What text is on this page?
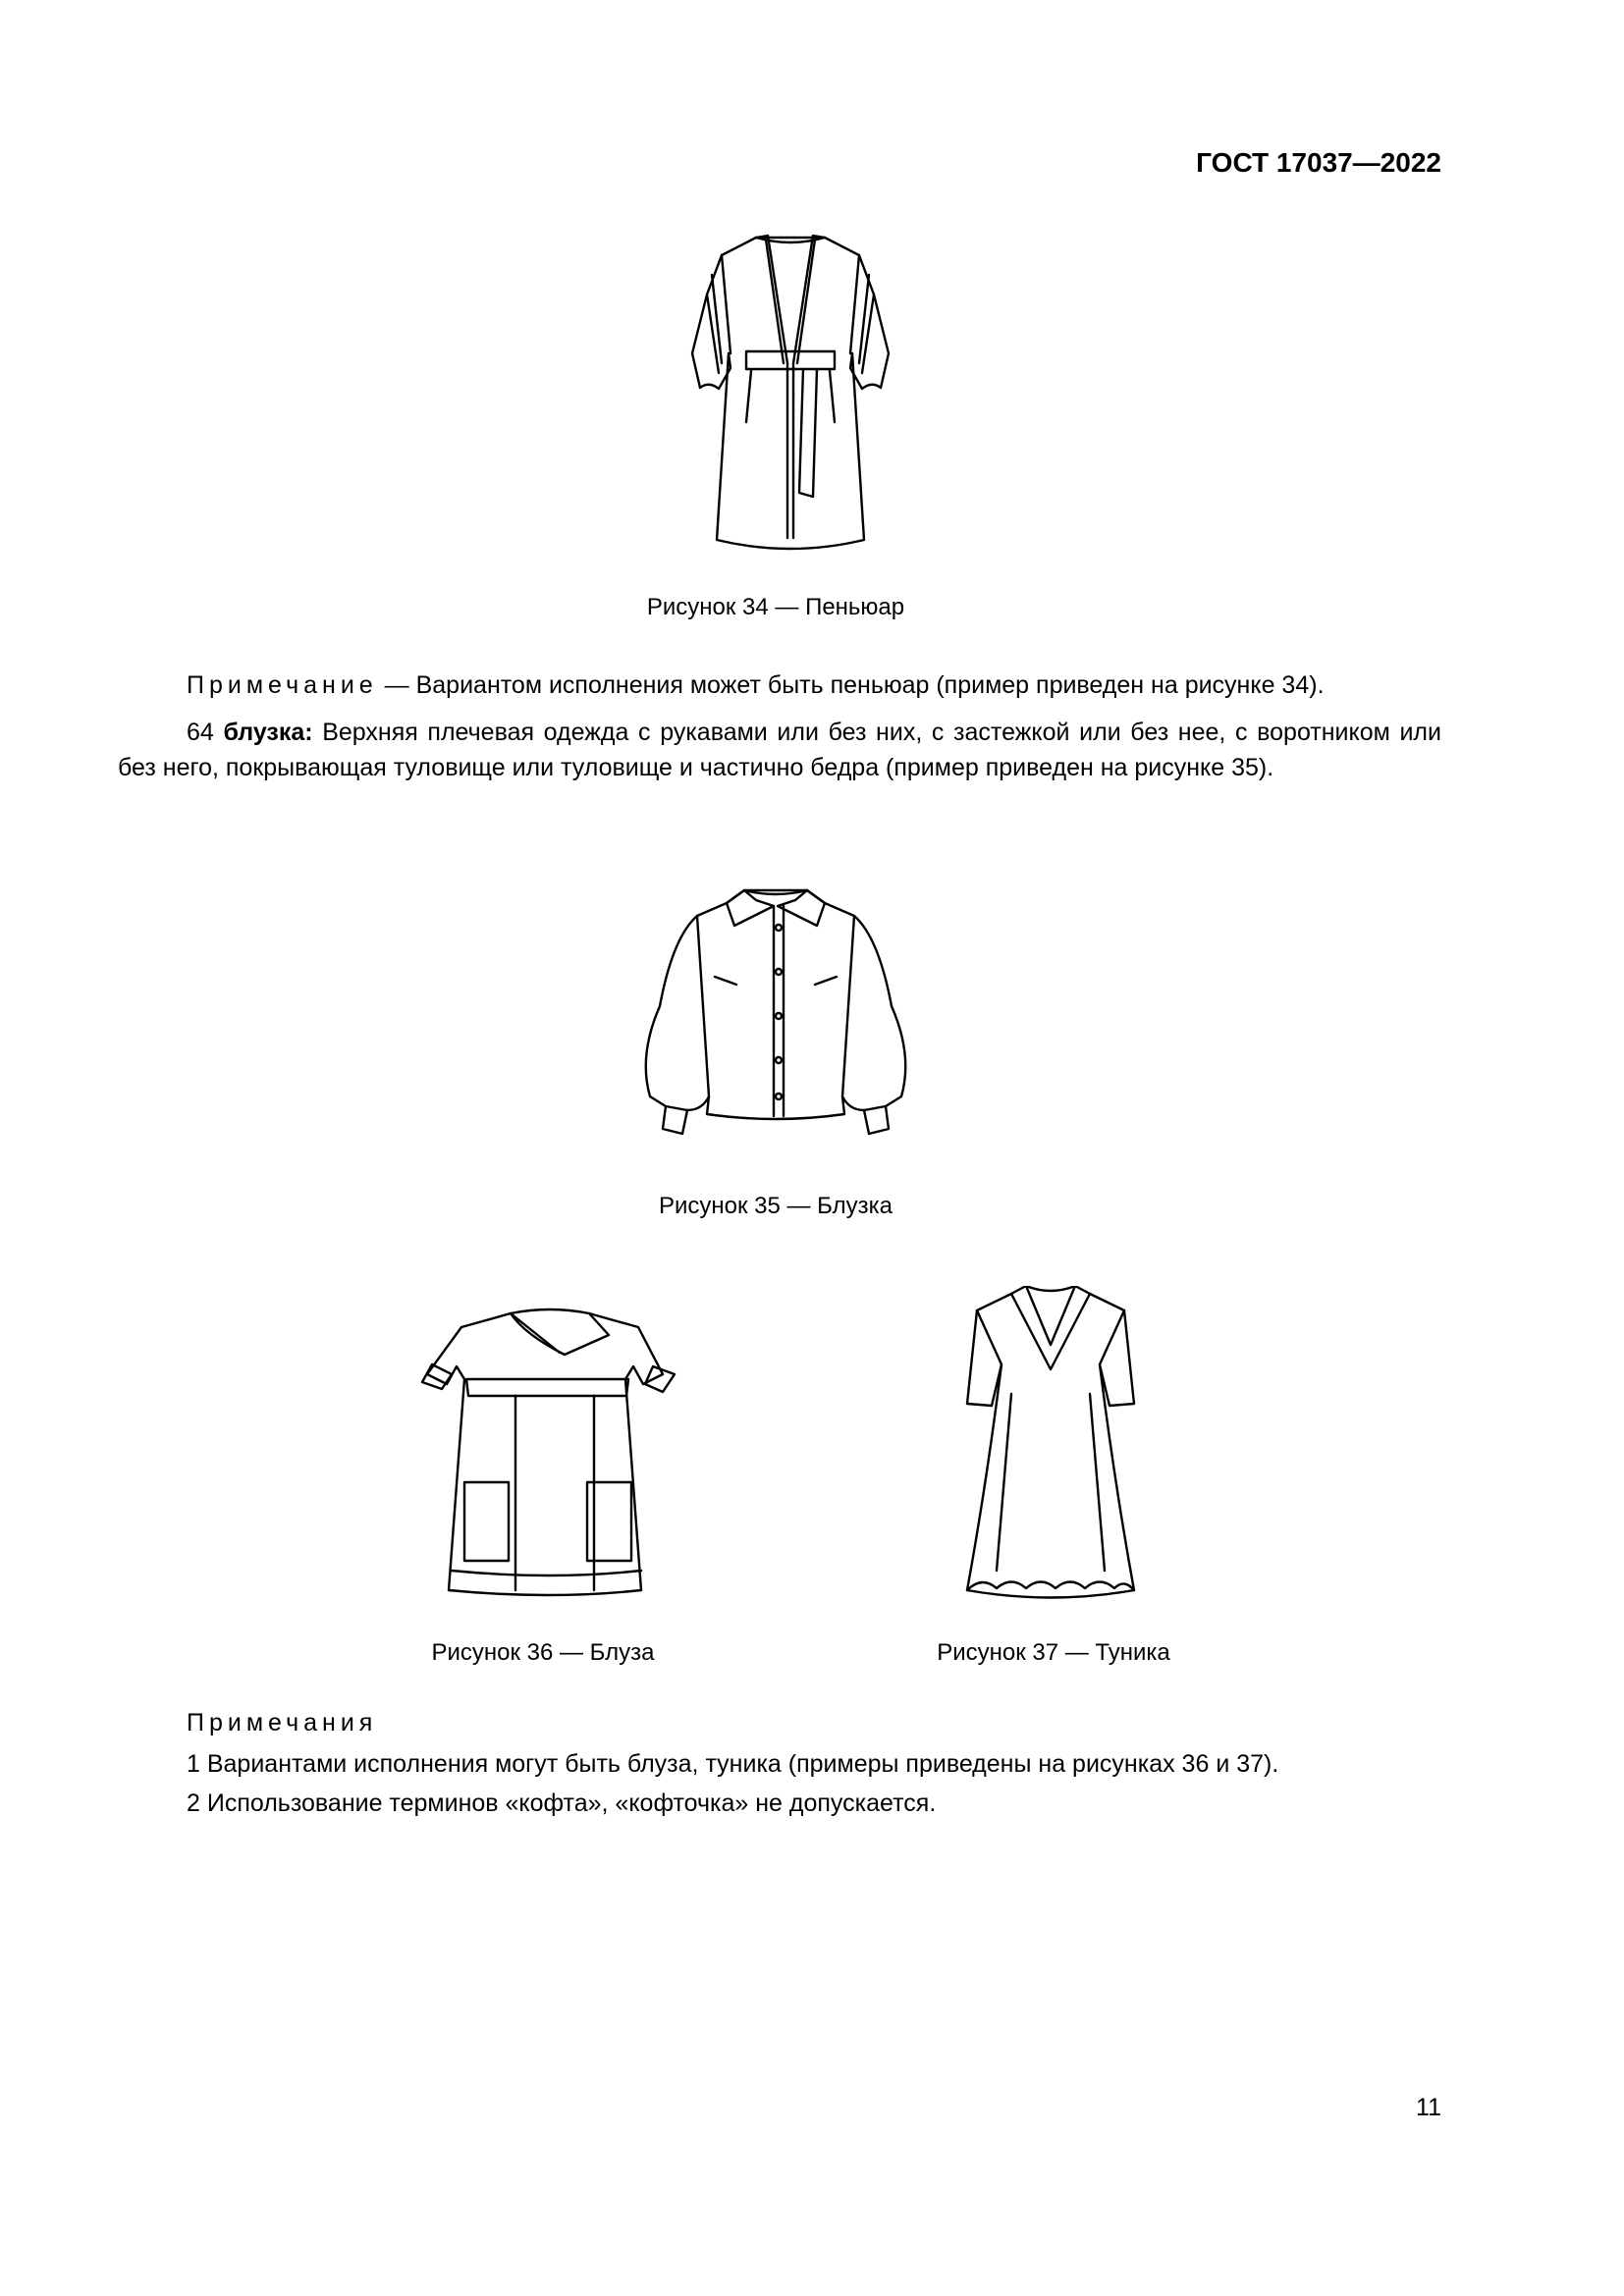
ГОСТ 17037—2022
Рисунок 34 — Пеньюар
Примечание — Вариантом исполнения может быть пеньюар (пример приведен на рисунке 34).
64 блузка: Верхняя плечевая одежда с рукавами или без них, с застежкой или без нее, с воротником или без него, покрывающая туловище или туловище и частично бедра (пример приведен на рисунке 35).
Рисунок 35 — Блузка
Рисунок 36 — Блуза	Рисунок 37 — Туника
Примечания
1 Вариантами исполнения могут быть блуза, туника (примеры приведены на рисунках 36 и 37).
2 Использование терминов «кофта», «кофточка» не допускается.
11
